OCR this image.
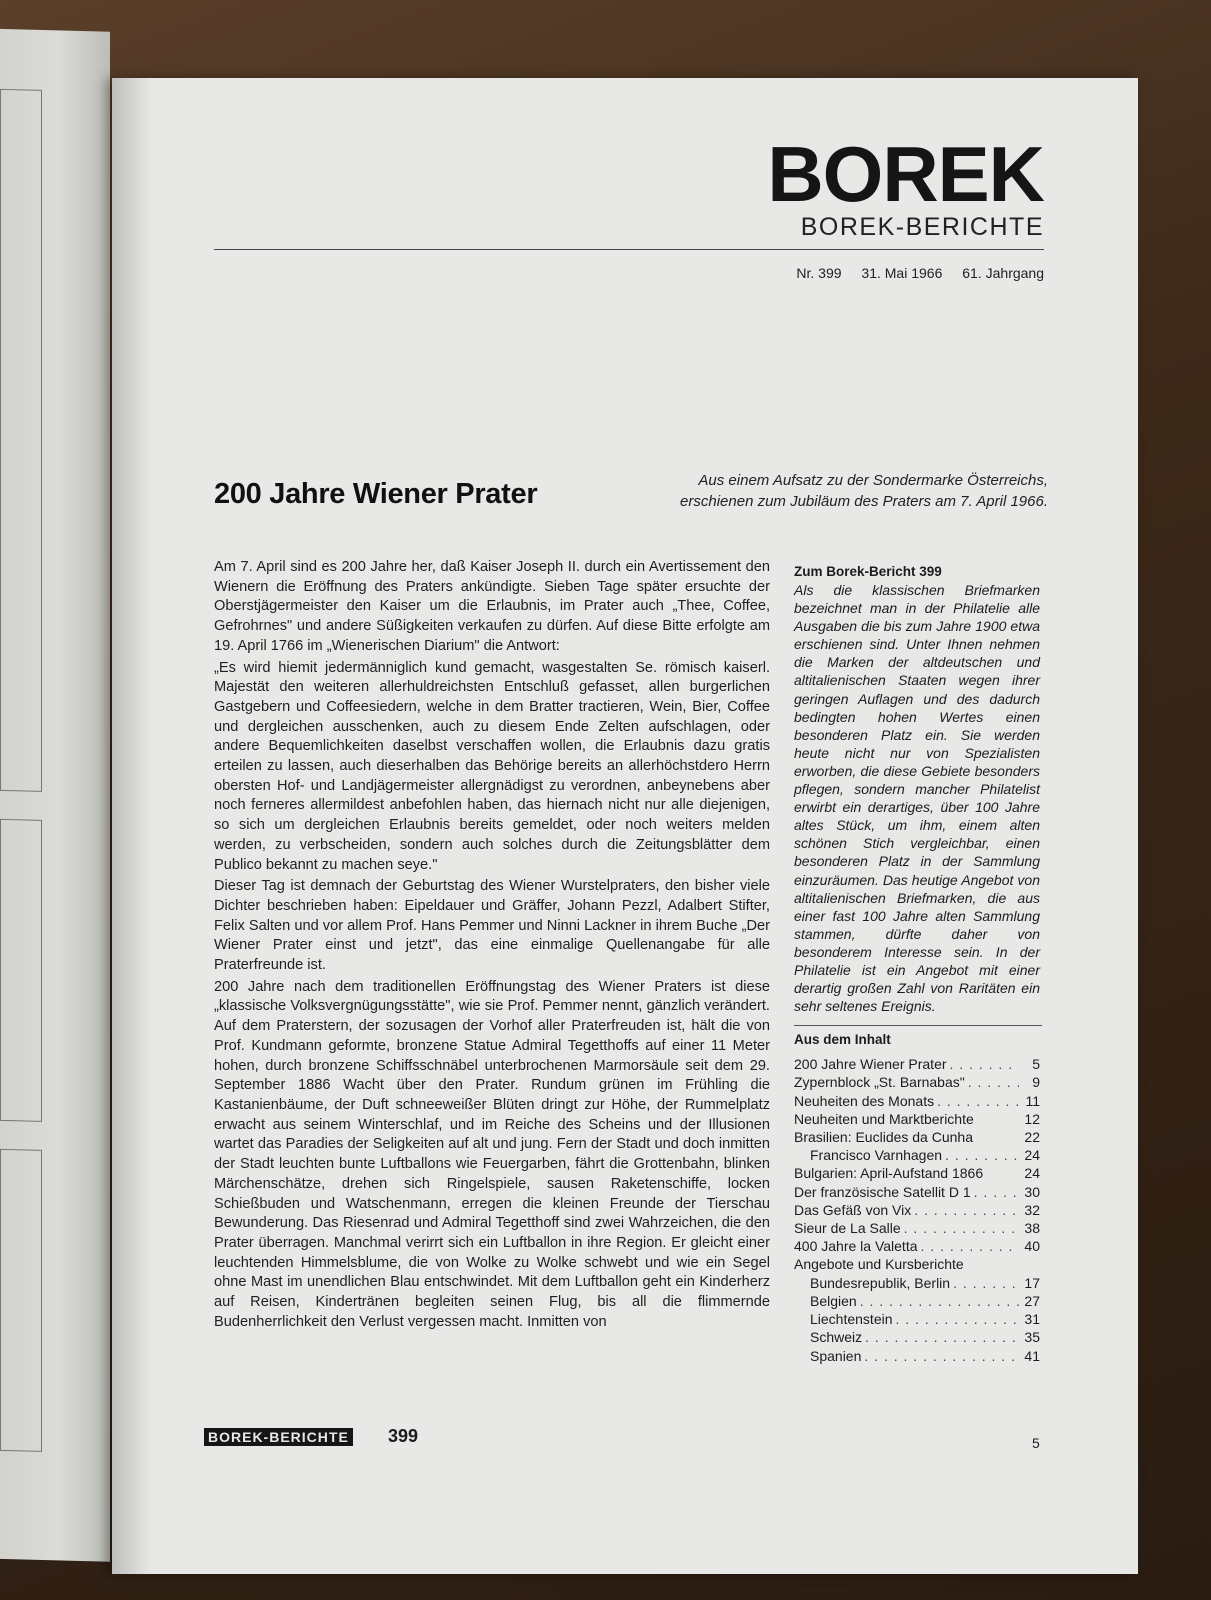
BOREK
BOREK-BERICHTE
Nr. 399 31. Mai 1966 61. Jahrgang
200 Jahre Wiener Prater	Aus einem Aufsatz zu der Sondermarke Österreichs, erschienen zum Jubiläum des Praters am 7. April 1966.

Am 7. April sind es 200 Jahre her, daß Kaiser Joseph II. durch ein Avertissement den Wienern die Eröffnung des Praters ankündigte. Sieben Tage später ersuchte der Oberstjägermeister den Kaiser um die Erlaubnis, im Prater auch „Thee, Coffee, Gefrohrnes" und andere Süßigkeiten verkaufen zu dürfen. Auf diese Bitte erfolgte am 19. April 1766 im „Wienerischen Diarium" die Antwort:

„Es wird hiemit jedermänniglich kund gemacht, wasgestalten Se. römisch kaiserl. Majestät den weiteren allerhuldreichsten Entschluß gefasset, allen burgerlichen Gastgebern und Coffeesiedern, welche in dem Bratter tractieren, Wein, Bier, Coffee und dergleichen ausschenken, auch zu diesem Ende Zelten aufschlagen, oder andere Bequemlichkeiten daselbst verschaffen wollen, die Erlaubnis dazu gratis erteilen zu lassen, auch dieserhalben das Behörige bereits an allerhöchstdero Herrn obersten Hof- und Landjägermeister allergnädigst zu verordnen, anbeynebens aber noch ferneres allermildest anbefohlen haben, das hiernach nicht nur alle diejenigen, so sich um dergleichen Erlaubnis bereits gemeldet, oder noch weiters melden werden, zu verbscheiden, sondern auch solches durch die Zeitungsblätter dem Publico bekannt zu machen seye."

Dieser Tag ist demnach der Geburtstag des Wiener Wurstelpraters, den bisher viele Dichter beschrieben haben: Eipeldauer und Gräffer, Johann Pezzl, Adalbert Stifter, Felix Salten und vor allem Prof. Hans Pemmer und Ninni Lackner in ihrem Buche „Der Wiener Prater einst und jetzt", das eine einmalige Quellenangabe für alle Praterfreunde ist.

200 Jahre nach dem traditionellen Eröffnungstag des Wiener Praters ist diese „klassische Volksvergnügungsstätte", wie sie Prof. Pemmer nennt, gänzlich verändert. Auf dem Praterstern, der sozusagen der Vorhof aller Praterfreuden ist, hält die von Prof. Kundmann geformte, bronzene Statue Admiral Tegetthoffs auf einer 11 Meter hohen, durch bronzene Schiffsschnäbel unterbrochenen Marmorsäule seit dem 29. September 1886 Wacht über den Prater. Rundum grünen im Frühling die Kastanienbäume, der Duft schneeweißer Blüten dringt zur Höhe, der Rummelplatz erwacht aus seinem Winterschlaf, und im Reiche des Scheins und der Illusionen wartet das Paradies der Seligkeiten auf alt und jung. Fern der Stadt und doch inmitten der Stadt leuchten bunte Luftballons wie Feuergarben, fährt die Grottenbahn, blinken Märchenschätze, drehen sich Ringelspiele, sausen Raketenschiffe, locken Schießbuden und Watschenmann, erregen die kleinen Freunde der Tierschau Bewunderung. Das Riesenrad und Admiral Tegetthoff sind zwei Wahrzeichen, die den Prater überragen. Manchmal verirrt sich ein Luftballon in ihre Region. Er gleicht einer leuchtenden Himmelsblume, die von Wolke zu Wolke schwebt und wie ein Segel ohne Mast im unendlichen Blau entschwindet. Mit dem Luftballon geht ein Kinderherz auf Reisen, Kindertränen begleiten seinen Flug, bis all die flimmernde Budenherrlichkeit den Verlust vergessen macht. Inmitten von

Zum Borek-Bericht 399
Als die klassischen Briefmarken bezeichnet man in der Philatelie alle Ausgaben die bis zum Jahre 1900 etwa erschienen sind. Unter Ihnen nehmen die Marken der altdeutschen und altitalienischen Staaten wegen ihrer geringen Auflagen und des dadurch bedingten hohen Wertes einen besonderen Platz ein. Sie werden heute nicht nur von Spezialisten erworben, die diese Gebiete besonders pflegen, sondern mancher Philatelist erwirbt ein derartiges, über 100 Jahre altes Stück, um ihm, einem alten schönen Stich vergleichbar, einen besonderen Platz in der Sammlung einzuräumen. Das heutige Angebot von altitalienischen Briefmarken, die aus einer fast 100 Jahre alten Sammlung stammen, dürfte daher von besonderem Interesse sein. In der Philatelie ist ein Angebot mit einer derartig großen Zahl von Raritäten ein sehr seltenes Ereignis.
Aus dem Inhalt
200 Jahre Wiener Prater . . .	5
Zypernblock „St. Barnabas" . . .	9
Neuheiten des Monats . . .	11
Neuheiten und Marktberichte	12
Brasilien: Euclides da Cunha	22
Francisco Varnhagen . . .	24
Bulgarien: April-Aufstand 1866	24
Der französische Satellit D 1 . . .	30
Das Gefäß von Vix . . .	32
Sieur de La Salle . . .	38
400 Jahre la Valetta . . .	40
Angebote und Kursberichte
Bundesrepublik, Berlin . . .	17
Belgien . . .	27
Liechtenstein . . .	31
Schweiz . . .	35
Spanien . . .	41
BOREK-BERICHTE 399	5
